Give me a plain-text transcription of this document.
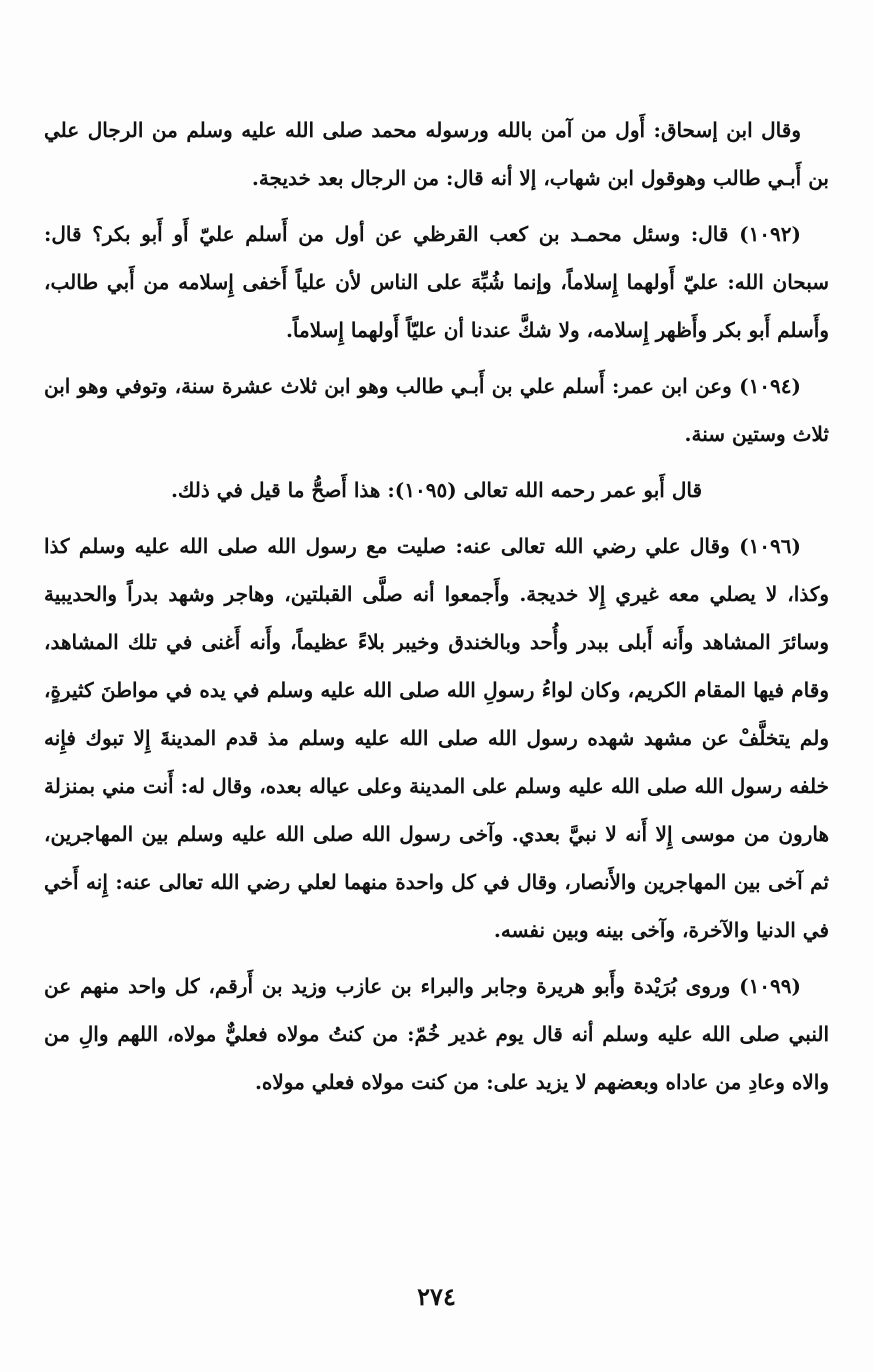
وقال ابن إسحاق: أَول من آمن بالله ورسوله محمد صلى الله عليه وسلم من الرجال علي بن أَبـي طالب وهوقول ابن شهاب، إلا أنه قال: من الرجال بعد خديجة.

(١٠٩٢) قال: وسئل محمـد بن كعب القرظي عن أول من أَسلم عليّ أَو أَبو بكر؟ قال: سبحان الله: عليّ أَولهما إِسلاماً، وإنما شُبِّهَ على الناس لأن علياً أَخفى إِسلامه من أَبي طالب، وأَسلم أَبو بكر وأَظهر إِسلامه، ولا شكَّ عندنا أن عليّاً أَولهما إِسلاماً.

(١٠٩٤) وعن ابن عمر: أَسلم علي بن أَبـي طالب وهو ابن ثلاث عشرة سنة، وتوفي وهو ابن ثلاث وستين سنة.

قال أَبو عمر رحمه الله تعالى (١٠٩٥): هذا أَصحُّ ما قيل في ذلك.

(١٠٩٦) وقال علي رضي الله تعالى عنه: صليت مع رسول الله صلى الله عليه وسلم كذا وكذا، لا يصلي معه غيري إِلا خديجة. وأَجمعوا أنه صلَّى القبلتين، وهاجر وشهد بدراً والحديبية وسائرَ المشاهد وأَنه أَبلى ببدر وأُحد وبالخندق وخيبر بلاءً عظيماً، وأَنه أَغنى في تلك المشاهد، وقام فيها المقام الكريم، وكان لواءُ رسولِ الله صلى الله عليه وسلم في يده في مواطنَ كثيرةٍ، ولم يتخلَّفْ عن مشهد شهده رسول الله صلى الله عليه وسلم مذ قدم المدينةَ إِلا تبوك فإِنه خلفه رسول الله صلى الله عليه وسلم على المدينة وعلى عياله بعده، وقال له: أَنت مني بمنزلة هارون من موسى إِلا أَنه لا نبيَّ بعدي. وآخى رسول الله صلى الله عليه وسلم بين المهاجرين، ثم آخى بين المهاجرين والأَنصار، وقال في كل واحدة منهما لعلي رضي الله تعالى عنه: إِنه أَخي في الدنيا والآخرة، وآخى بينه وبين نفسه.

(١٠٩٩) وروى بُرَيْدة وأَبو هريرة وجابر والبراء بن عازب وزيد بن أَرقم، كل واحد منهم عن النبي صلى الله عليه وسلم أنه قال يوم غدير خُمّ: من كنتُ مولاه فعليٌّ مولاه، اللهم والِ من والاه وعادِ من عاداه وبعضهم لا يزيد على: من كنت مولاه فعلي مولاه.

٢٧٤
